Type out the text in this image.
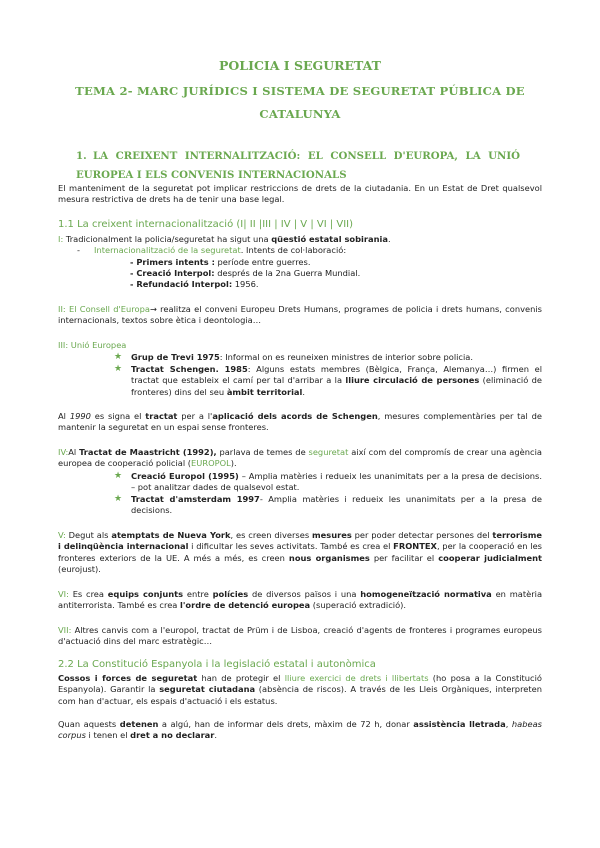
POLICIA I SEGURETAT
TEMA 2- MARC JURÍDICS I SISTEMA DE SEGURETAT PÚBLICA DE CATALUNYA
1. LA CREIXENT INTERNALITZACIÓ: EL CONSELL D'EUROPA, LA UNIÓ EUROPEA I ELS CONVENIS INTERNACIONALS
El manteniment de la seguretat pot implicar restriccions de drets de la ciutadania. En un Estat de Dret qualsevol mesura restrictiva de drets ha de tenir una base legal.
1.1 La creixent internacionalització (I| II |III | IV | V | VI | VII)
I: Tradicionalment la policia/seguretat ha sigut una qüestió estatal sobirania.
- Internacionalització de la seguretat. Intents de col·laboració:
- Primers intents : període entre guerres.
- Creació Interpol: després de la 2na Guerra Mundial.
- Refundació Interpol: 1956.
II: El Consell d'Europa→ realitza el conveni Europeu Drets Humans, programes de policia i drets humans, convenis internacionals, textos sobre ètica i deontologia…
III: Unió Europea
★ Grup de Trevi 1975: Informal on es reuneixen ministres de interior sobre policia.
★ Tractat Schengen. 1985: Alguns estats membres (Bèlgica, França, Alemanya…) firmen el tractat que estableix el camí per tal d'arribar a la lliure circulació de persones (eliminació de fronteres) dins del seu àmbit territorial.
Al 1990 es signa el tractat per a l'aplicació dels acords de Schengen, mesures complementàries per tal de mantenir la seguretat en un espai sense fronteres.
IV:Al Tractat de Maastricht (1992), parlava de temes de seguretat així com del compromís de crear una agència europea de cooperació policial (EUROPOL).
★ Creació Europol (1995) – Amplia matèries i redueix les unanimitats per a la presa de decisions. – pot analitzar dades de qualsevol estat.
★ Tractat d'amsterdam 1997- Amplia matèries i redueix les unanimitats per a la presa de decisions.
V: Degut als atemptats de Nueva York, es creen diverses mesures per poder detectar persones del terrorisme i delinqüència internacional i dificultar les seves activitats. També es crea el FRONTEX, per la cooperació en les fronteres exteriors de la UE. A més a més, es creen nous organismes per facilitar el cooperar judicialment (eurojust).
VI: Es crea equips conjunts entre polícies de diversos països i una homogeneïtzació normativa en matèria antiterrorista. També es crea l'ordre de detenció europea (superació extradició).
VII: Altres canvis com a l'europol, tractat de Prüm i de Lisboa, creació d'agents de fronteres i programes europeus d'actuació dins del marc estratègic…
2.2 La Constitució Espanyola i la legislació estatal i autonòmica
Cossos i forces de seguretat han de protegir el lliure exercici de drets i llibertats (ho posa a la Constitució Espanyola). Garantir la seguretat ciutadana (absència de riscos). A través de les Lleis Orgàniques, interpreten com han d'actuar, els espais d'actuació i els estatus.
Quan aquests detenen a algú, han de informar dels drets, màxim de 72 h, donar assistència lletrada, habeas corpus i tenen el dret a no declarar.
